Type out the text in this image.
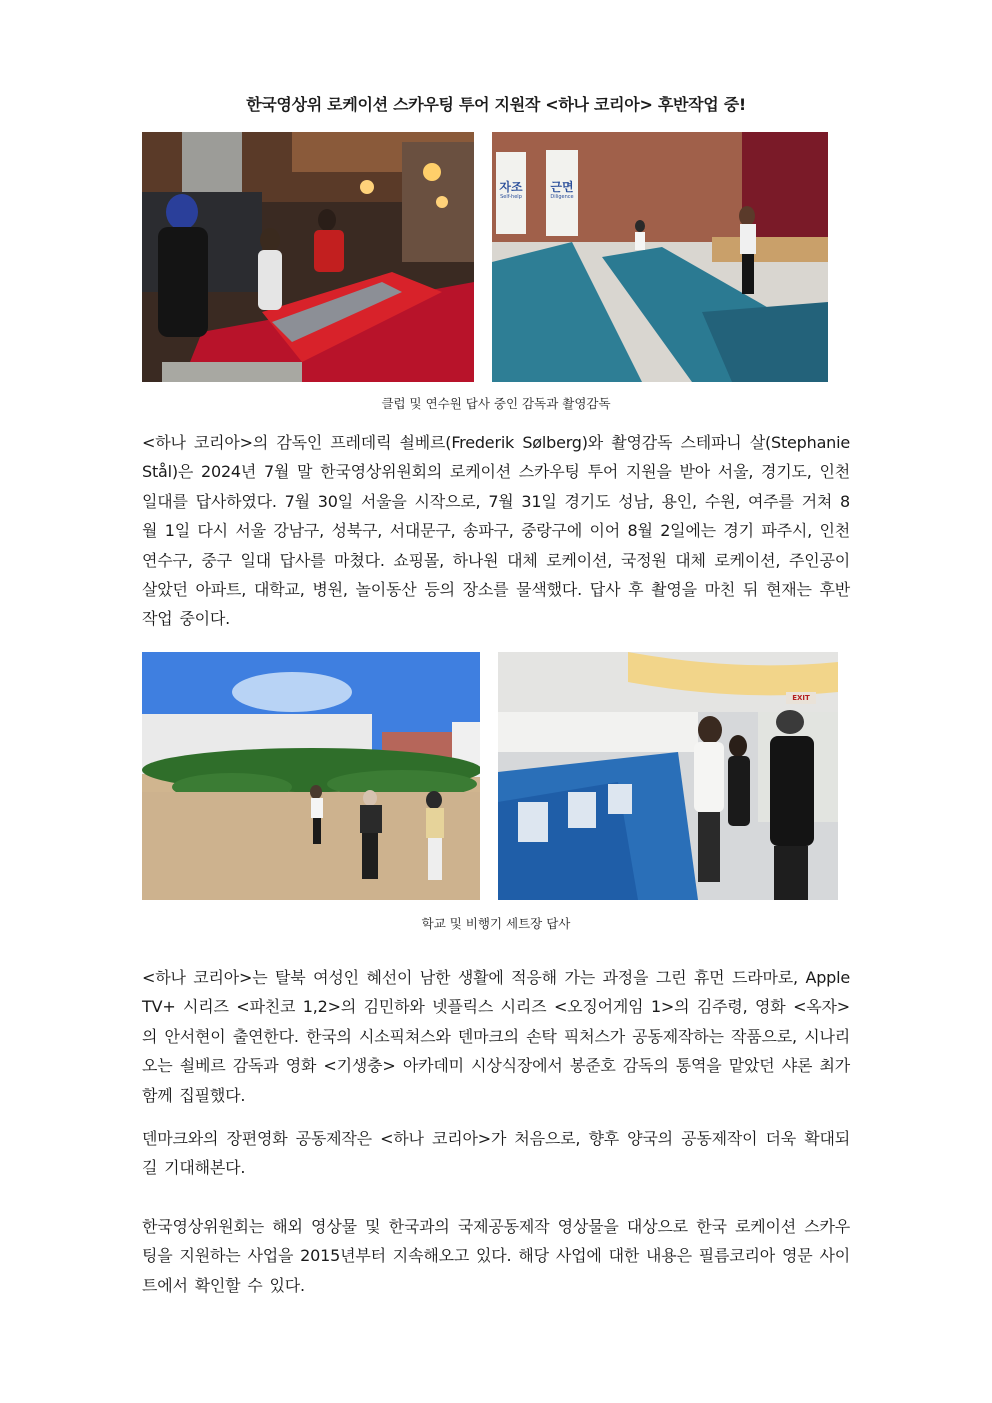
한국영상위 로케이션 스카우팅 투어 지원작 <하나 코리아> 후반작업 중!
자조
Self-help
근면
Diligence
클럽 및 연수원 답사 중인 감독과 촬영감독
<하나 코리아>의 감독인 프레데릭 쇨베르(Frederik Sølberg)와 촬영감독 스테파니 살(Stephanie Stål)은 2024년 7월 말 한국영상위원회의 로케이션 스카우팅 투어 지원을 받아 서울, 경기도, 인천 일대를 답사하였다. 7월 30일 서울을 시작으로, 7월 31일 경기도 성남, 용인, 수원, 여주를 거쳐 8월 1일 다시 서울 강남구, 성북구, 서대문구, 송파구, 중랑구에 이어 8월 2일에는 경기 파주시, 인천 연수구, 중구 일대 답사를 마쳤다. 쇼핑몰, 하나원 대체 로케이션, 국정원 대체 로케이션, 주인공이 살았던 아파트, 대학교, 병원, 놀이동산 등의 장소를 물색했다. 답사 후 촬영을 마친 뒤 현재는 후반작업 중이다.
EXIT
학교 및 비행기 세트장 답사
<하나 코리아>는 탈북 여성인 혜선이 남한 생활에 적응해 가는 과정을 그린 휴먼 드라마로, Apple TV+ 시리즈 <파친코 1,2>의 김민하와 넷플릭스 시리즈 <오징어게임 1>의 김주령, 영화 <옥자>의 안서현이 출연한다. 한국의 시소픽쳐스와 덴마크의 손탁 픽처스가 공동제작하는 작품으로, 시나리오는 쇨베르 감독과 영화 <기생충> 아카데미 시상식장에서 봉준호 감독의 통역을 맡았던 샤론 최가 함께 집필했다.
덴마크와의 장편영화 공동제작은 <하나 코리아>가 처음으로, 향후 양국의 공동제작이 더욱 확대되길 기대해본다.
한국영상위원회는 해외 영상물 및 한국과의 국제공동제작 영상물을 대상으로 한국 로케이션 스카우팅을 지원하는 사업을 2015년부터 지속해오고 있다. 해당 사업에 대한 내용은 필름코리아 영문 사이트에서 확인할 수 있다.
